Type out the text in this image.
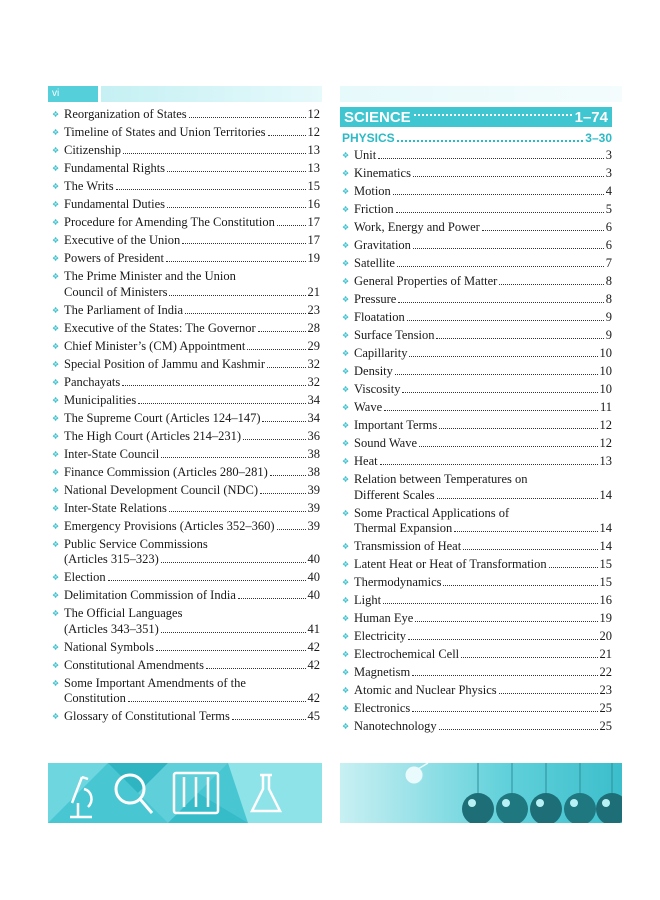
vi
❖ Reorganization of States	12
❖ Timeline of States and Union Territories	12
❖ Citizenship	13
❖ Fundamental Rights	13
❖ The Writs	15
❖ Fundamental Duties	16
❖ Procedure for Amending The Constitution	17
❖ Executive of the Union	17
❖ Powers of President	19
❖ The Prime Minister and the Union
Council of Ministers	21
❖ The Parliament of India	23
❖ Executive of the States: The Governor	28
❖ Chief Minister’s (CM) Appointment	29
❖ Special Position of Jammu and Kashmir	32
❖ Panchayats	32
❖ Municipalities	34
❖ The Supreme Court (Articles 124–147)	34
❖ The High Court (Articles 214–231)	36
❖ Inter-State Council	38
❖ Finance Commission (Articles 280–281)	38
❖ National Development Council (NDC)	39
❖ Inter-State Relations	39
❖ Emergency Provisions (Articles 352–360)	39
❖ Public Service Commissions
(Articles 315–323)	40
❖ Election	40
❖ Delimitation Commission of India	40
❖ The Official Languages
(Articles 343–351)	41
❖ National Symbols	42
❖ Constitutional Amendments	42
❖ Some Important Amendments of the
Constitution	42
❖ Glossary of Constitutional Terms	45
SCIENCE	1–74
PHYSICS	3–30
❖ Unit	3
❖ Kinematics	3
❖ Motion	4
❖ Friction	5
❖ Work, Energy and Power	6
❖ Gravitation	6
❖ Satellite	7
❖ General Properties of Matter	8
❖ Pressure	8
❖ Floatation	9
❖ Surface Tension	9
❖ Capillarity	10
❖ Density	10
❖ Viscosity	10
❖ Wave	11
❖ Important Terms	12
❖ Sound Wave	12
❖ Heat	13
❖ Relation between Temperatures on
Different Scales	14
❖ Some Practical Applications of
Thermal Expansion	14
❖ Transmission of Heat	14
❖ Latent Heat or Heat of Transformation	15
❖ Thermodynamics	15
❖ Light	16
❖ Human Eye	19
❖ Electricity	20
❖ Electrochemical Cell	21
❖ Magnetism	22
❖ Atomic and Nuclear Physics	23
❖ Electronics	25
❖ Nanotechnology	25
